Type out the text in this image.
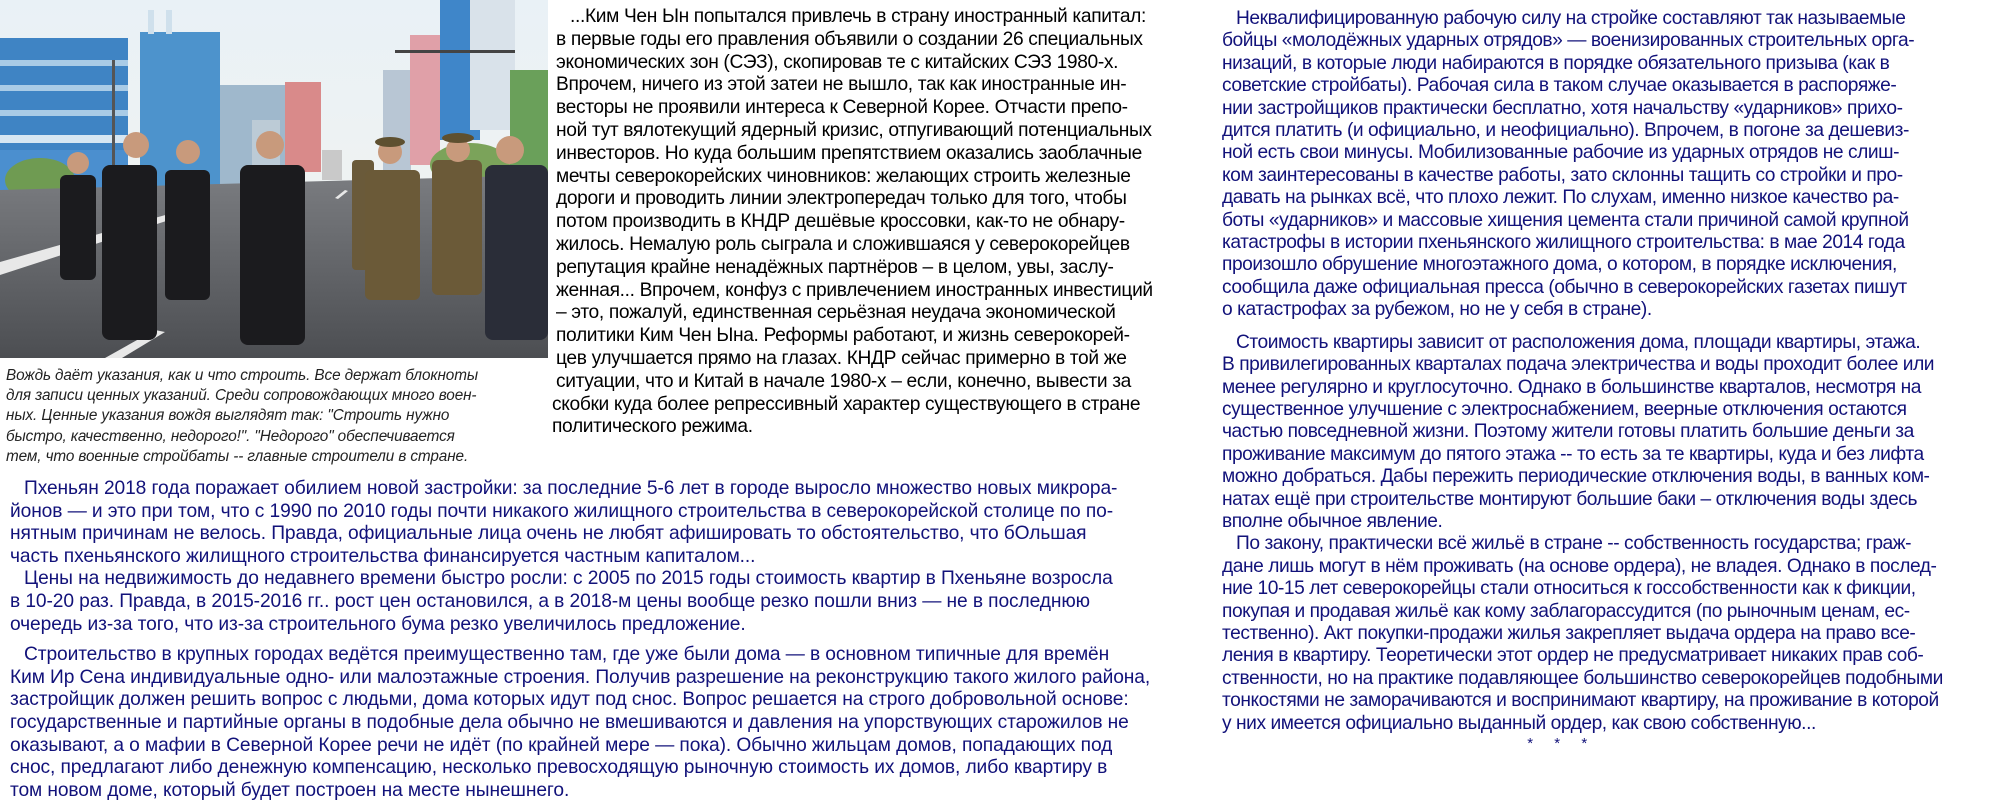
Вождь даёт указания, как и что строить. Все держат блокноты

для записи ценных указаний. Среди сопровождающих много воен-

ных. Ценные указания вождя выглядят так: "Строить нужно

быстро, качественно, недорого!". "Недорого" обеспечивается

тем, что военные стройбаты -- главные строители в стране.

...Ким Чен Ын попытался привлечь в страну иностранный капитал:
в первые годы его правления объявили о создании 26 специальных
экономических зон (СЭЗ), скопировав те с китайских СЭЗ 1980-х.
Впрочем, ничего из этой затеи не вышло, так как иностранные ин-
весторы не проявили интереса к Северной Корее. Отчасти препо-
ной тут вялотекущий ядерный кризис, отпугивающий потенциальных
инвесторов. Но куда большим препятствием оказались заоблачные
мечты северокорейских чиновников: желающих строить железные
дороги и проводить линии электропередач только для того, чтобы
потом производить в КНДР дешёвые кроссовки, как-то не обнару-
жилось. Немалую роль сыграла и сложившаяся у северокорейцев
репутация крайне ненадёжных партнёров – в целом, увы, заслу-
женная... Впрочем, конфуз с привлечением иностранных инвестиций
– это, пожалуй, единственная серьёзная неудача экономической
политики Ким Чен Ына. Реформы работают, и жизнь северокорей-
цев улучшается прямо на глазах. КНДР сейчас примерно в той же
ситуации, что и Китай в начале 1980-х – если, конечно, вывести за
скобки куда более репрессивный характер существующего в стране
политического режима.
Пхеньян 2018 года поражает обилием новой застройки: за последние 5-6 лет в городе выросло множество новых микрора-
йонов — и это при том, что с 1990 по 2010 годы почти никакого жилищного строительства в северокорейской столице по по-
нятным причинам не велось. Правда, официальные лица очень не любят афишировать то обстоятельство, что бОльшая
часть пхеньянского жилищного строительства финансируется частным капиталом...
Цены на недвижимость до недавнего времени быстро росли: с 2005 по 2015 годы стоимость квартир в Пхеньяне возросла
в 10-20 раз. Правда, в 2015-2016 гг.. рост цен остановился, а в 2018-м цены вообще резко пошли вниз — не в последнюю
очередь из-за того, что из-за строительного бума резко увеличилось предложение.
Строительство в крупных городах ведётся преимущественно там, где уже были дома — в основном типичные для времён
Ким Ир Сена индивидуальные одно- или малоэтажные строения. Получив разрешение на реконструкцию такого жилого района,
застройщик должен решить вопрос с людьми, дома которых идут под снос. Вопрос решается на строго добровольной основе:
государственные и партийные органы в подобные дела обычно не вмешиваются и давления на упорствующих старожилов не
оказывают, а о мафии в Северной Корее речи не идёт (по крайней мере — пока). Обычно жильцам домов, попадающих под
снос, предлагают либо денежную компенсацию, несколько превосходящую рыночную стоимость их домов, либо квартиру в
том новом доме, который будет построен на месте нынешнего.
Неквалифицированную рабочую силу на стройке составляют так называемые
бойцы «молодёжных ударных отрядов» — военизированных строительных орга-
низаций, в которые люди набираются в порядке обязательного призыва (как в
советские стройбаты). Рабочая сила в таком случае оказывается в распоряже-
нии застройщиков практически бесплатно, хотя начальству «ударников» прихо-
дится платить (и официально, и неофициально). Впрочем, в погоне за дешевиз-
ной есть свои минусы. Мобилизованные рабочие из ударных отрядов не слиш-
ком заинтересованы в качестве работы, зато склонны тащить со стройки и про-
давать на рынках всё, что плохо лежит. По слухам, именно низкое качество ра-
боты «ударников» и массовые хищения цемента стали причиной самой крупной
катастрофы в истории пхеньянского жилищного строительства: в мае 2014 года
произошло обрушение многоэтажного дома, о котором, в порядке исключения,
сообщила даже официальная пресса (обычно в северокорейских газетах пишут
о катастрофах за рубежом, но не у себя в стране).
Стоимость квартиры зависит от расположения дома, площади квартиры, этажа.
В привилегированных кварталах подача электричества и воды проходит более или
менее регулярно и круглосуточно. Однако в большинстве кварталов, несмотря на
существенное улучшение с электроснабжением, веерные отключения остаются
частью повседневной жизни. Поэтому жители готовы платить большие деньги за
проживание максимум до пятого этажа -- то есть за те квартиры, куда и без лифта
можно добраться. Дабы пережить периодические отключения воды, в ванных ком-
натах ещё при строительстве монтируют большие баки – отключения воды здесь
вполне обычное явление.
По закону, практически всё жильё в стране -- собственность государства; граж-
дане лишь могут в нём проживать (на основе ордера), не владея. Однако в послед-
ние 10-15 лет северокорейцы стали относиться к госсобственности как к фикции,
покупая и продавая жильё как кому заблагорассудится (по рыночным ценам, ес-
тественно). Акт покупки-продажи жилья закрепляет выдача ордера на право все-
ления в квартиру. Теоретически этот ордер не предусматривает никаких прав соб-
ственности, но на практике подавляющее большинство северокорейцев подобными
тонкостями не заморачиваются и воспринимают квартиру, на проживание в которой
у них имеется официально выданный ордер, как свою собственную...
* * *
